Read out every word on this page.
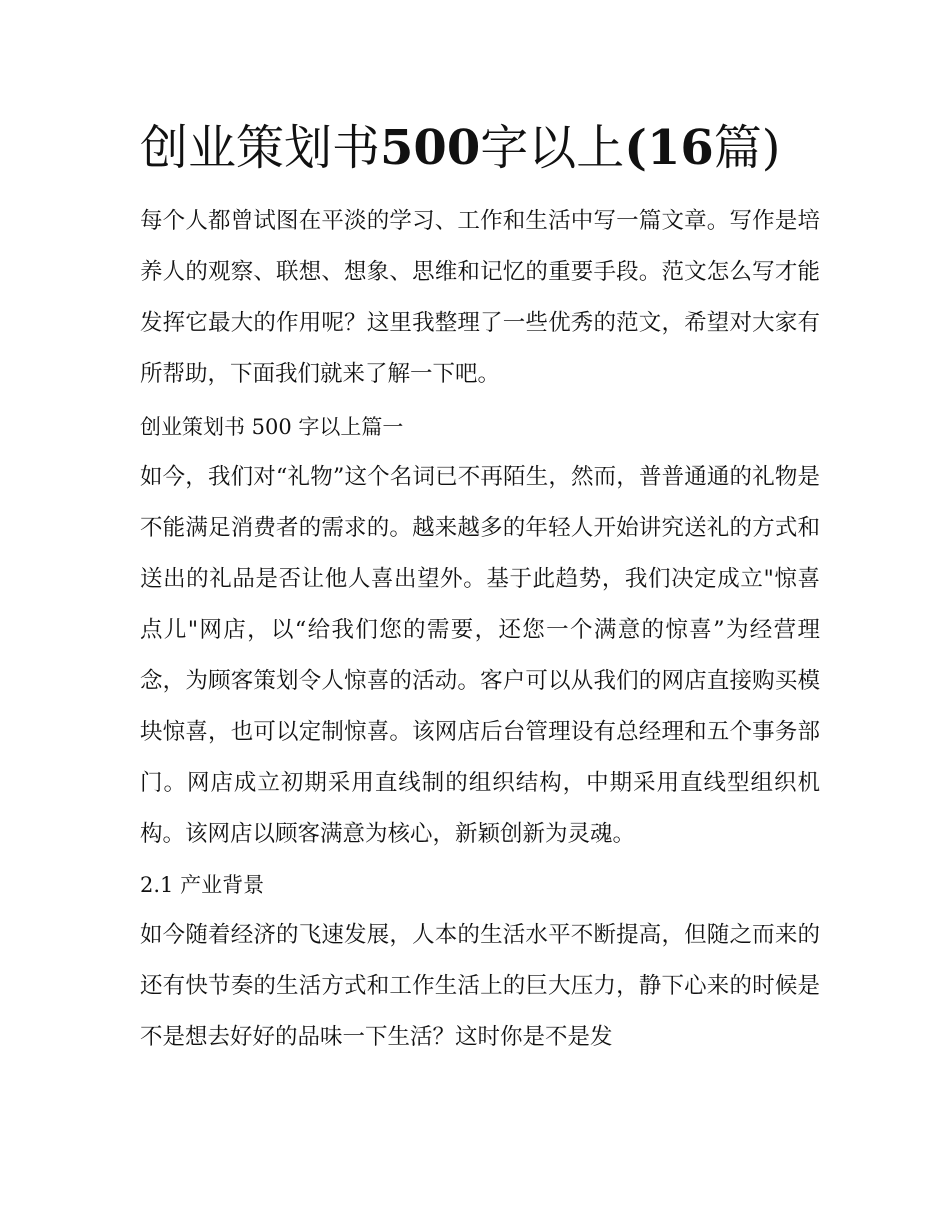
创业策划书500字以上(16篇)

每个人都曾试图在平淡的学习、工作和生活中写一篇文章。写作是培养人的观察、联想、想象、思维和记忆的重要手段。范文怎么写才能发挥它最大的作用呢？这里我整理了一些优秀的范文，希望对大家有所帮助，下面我们就来了解一下吧。

创业策划书 500 字以上篇一

如今，我们对“礼物”这个名词已不再陌生，然而，普普通通的礼物是不能满足消费者的需求的。越来越多的年轻人开始讲究送礼的方式和送出的礼品是否让他人喜出望外。基于此趋势，我们决定成立"惊喜点儿"网店，以“给我们您的需要，还您一个满意的惊喜”为经营理念，为顾客策划令人惊喜的活动。客户可以从我们的网店直接购买模块惊喜，也可以定制惊喜。该网店后台管理设有总经理和五个事务部门。网店成立初期采用直线制的组织结构，中期采用直线型组织机构。该网店以顾客满意为核心，新颖创新为灵魂。

2.1 产业背景

如今随着经济的飞速发展，人本的生活水平不断提高，但随之而来的还有快节奏的生活方式和工作生活上的巨大压力，静下心来的时候是不是想去好好的品味一下生活？这时你是不是发
